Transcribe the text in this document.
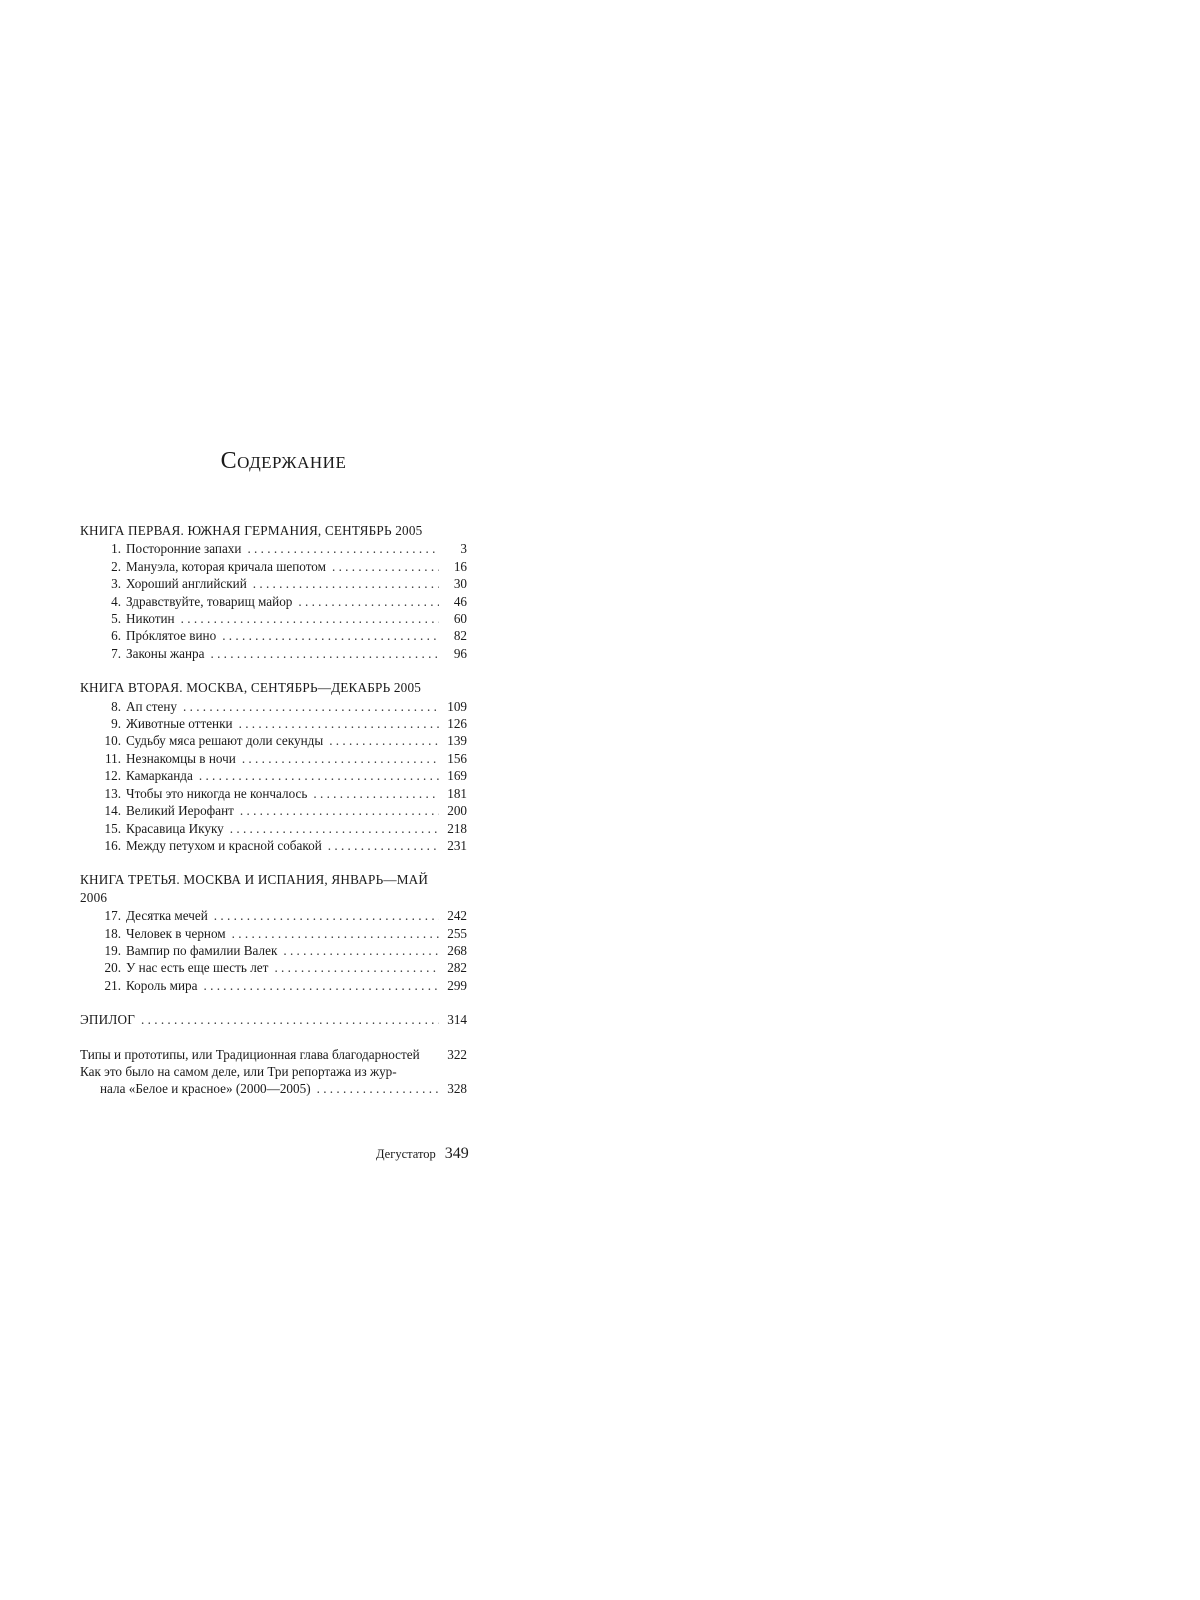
Содержание
КНИГА ПЕРВАЯ. ЮЖНАЯ ГЕРМАНИЯ, СЕНТЯБРЬ 2005
1. Посторонние запахи . . .	3
2. Мануэла, которая кричала шепотом . . .	16
3. Хороший английский . . .	30
4. Здравствуйте, товарищ майор . . .	46
5. Никотин . . .	60
6. Прóклятое вино . . .	82
7. Законы жанра . . .	96
КНИГА ВТОРАЯ. МОСКВА, СЕНТЯБРЬ—ДЕКАБРЬ 2005
8. Ап стену . . .	109
9. Животные оттенки . . .	126
10. Судьбу мяса решают доли секунды . . .	139
11. Незнакомцы в ночи . . .	156
12. Камарканда . . .	169
13. Чтобы это никогда не кончалось . . .	181
14. Великий Иерофант . . .	200
15. Красавица Икуку . . .	218
16. Между петухом и красной собакой . . .	231
КНИГА ТРЕТЬЯ. МОСКВА И ИСПАНИЯ, ЯНВАРЬ—МАЙ
2006
17. Десятка мечей . . .	242
18. Человек в черном . . .	255
19. Вампир по фамилии Валек . . .	268
20. У нас есть еще шесть лет . . .	282
21. Король мира . . .	299
ЭПИЛОГ . . .	314
Типы и прототипы, или Традиционная глава благодарностей 322
Как это было на самом деле, или Три репортажа из жур-
нала «Белое и красное» (2000—2005) . . .	328
Дегустатор 349
